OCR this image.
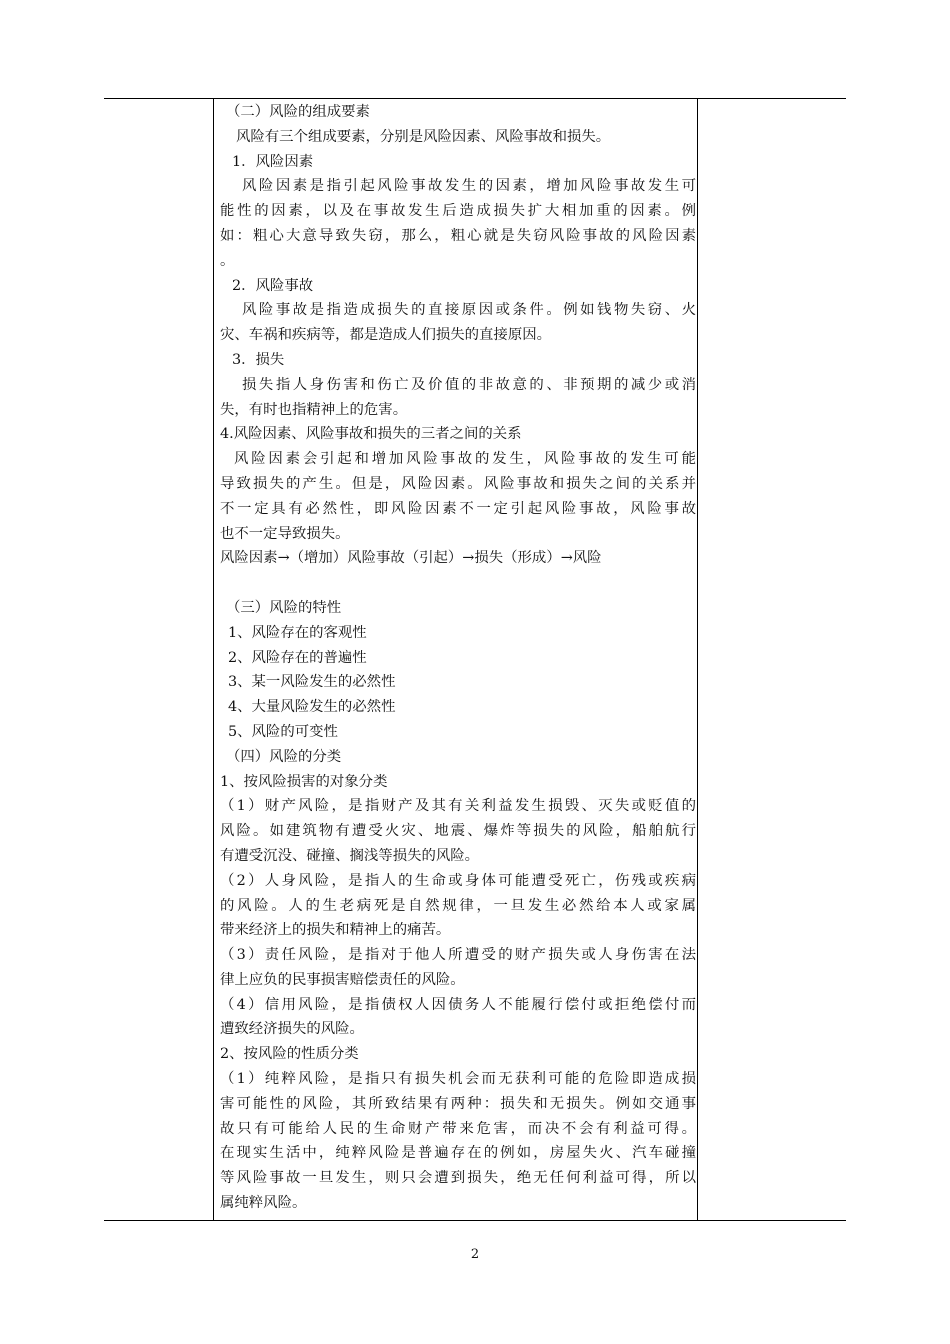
（二）风险的组成要素
风险有三个组成要素，分别是风险因素、风险事故和损失。
1．风险因素
风险因素是指引起风险事故发生的因素，增加风险事故发生可
能性的因素，以及在事故发生后造成损失扩大相加重的因素。例
如：粗心大意导致失窃，那么，粗心就是失窃风险事故的风险因素
。
2．风险事故
风险事故是指造成损失的直接原因或条件。例如钱物失窃、火
灾、车祸和疾病等，都是造成人们损失的直接原因。
3．损失
损失指人身伤害和伤亡及价值的非故意的、非预期的减少或消
失，有时也指精神上的危害。
4.风险因素、风险事故和损失的三者之间的关系
风险因素会引起和增加风险事故的发生，风险事故的发生可能
导致损失的产生。但是，风险因素。风险事故和损失之间的关系并
不一定具有必然性，即风险因素不一定引起风险事故，风险事故
也不一定导致损失。
风险因素→（增加）风险事故（引起）→损失（形成）→风险
（三）风险的特性
1、风险存在的客观性
2、风险存在的普遍性
3、某一风险发生的必然性
4、大量风险发生的必然性
5、风险的可变性
（四）风险的分类
1、按风险损害的对象分类
（1）财产风险，是指财产及其有关利益发生损毁、灭失或贬值的
风险。如建筑物有遭受火灾、地震、爆炸等损失的风险，船舶航行
有遭受沉没、碰撞、搁浅等损失的风险。
（2）人身风险，是指人的生命或身体可能遭受死亡，伤残或疾病
的风险。人的生老病死是自然规律，一旦发生必然给本人或家属
带来经济上的损失和精神上的痛苦。
（3）责任风险，是指对于他人所遭受的财产损失或人身伤害在法
律上应负的民事损害赔偿责任的风险。
（4）信用风险，是指债权人因债务人不能履行偿付或拒绝偿付而
遭致经济损失的风险。
2、按风险的性质分类
（1）纯粹风险，是指只有损失机会而无获利可能的危险即造成损
害可能性的风险，其所致结果有两种：损失和无损失。例如交通事
故只有可能给人民的生命财产带来危害，而决不会有利益可得。
在现实生活中，纯粹风险是普遍存在的例如，房屋失火、汽车碰撞
等风险事故一旦发生，则只会遭到损失，绝无任何利益可得，所以
属纯粹风险。
2
